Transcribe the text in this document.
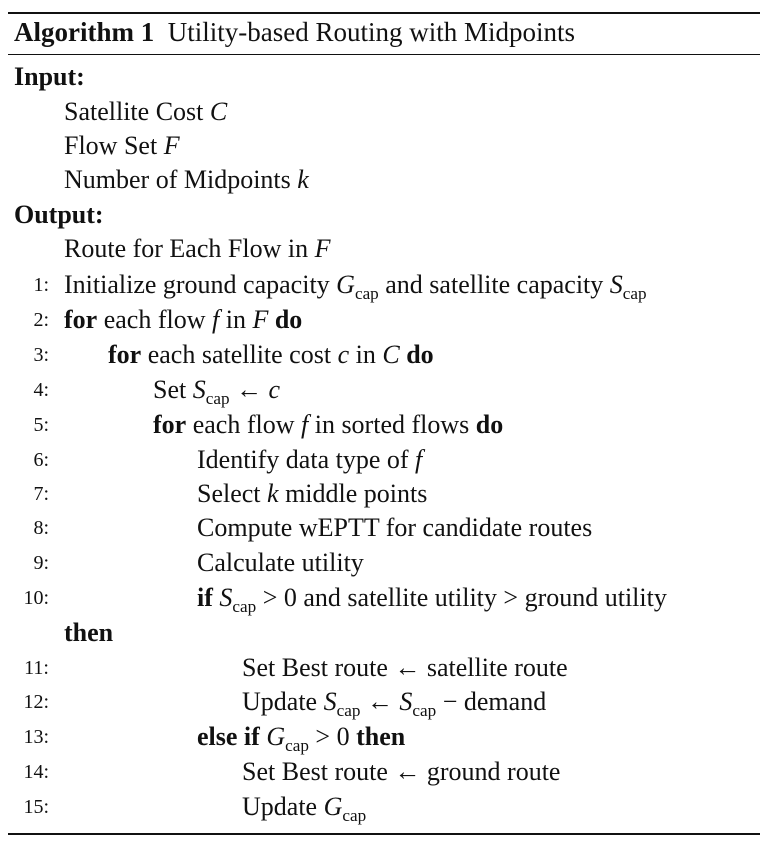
Algorithm 1 Utility-based Routing with Midpoints
Input:
Satellite Cost C
Flow Set F
Number of Midpoints k
Output:
Route for Each Flow in F
1: Initialize ground capacity $G_{cap}$ and satellite capacity $S_{cap}$
2: for each flow f in F do
3: for each satellite cost c in C do
4:	Set $S_{cap}$ ← c
5:	for each flow f in sorted flows do
6:	Identify data type of f
7:	Select k middle points
8:	Compute wEPTT for candidate routes
9:	Calculate utility
10:	if $S_{cap} > 0$ and satellite utility > ground utility
then
11:	Set Best route ← satellite route
12:	Update $S_{cap}$ ← $S_{cap}$ − demand
13:	else if $G_{cap} > 0$ then
14:	Set Best route ← ground route
15:	Update $G_{cap}$
